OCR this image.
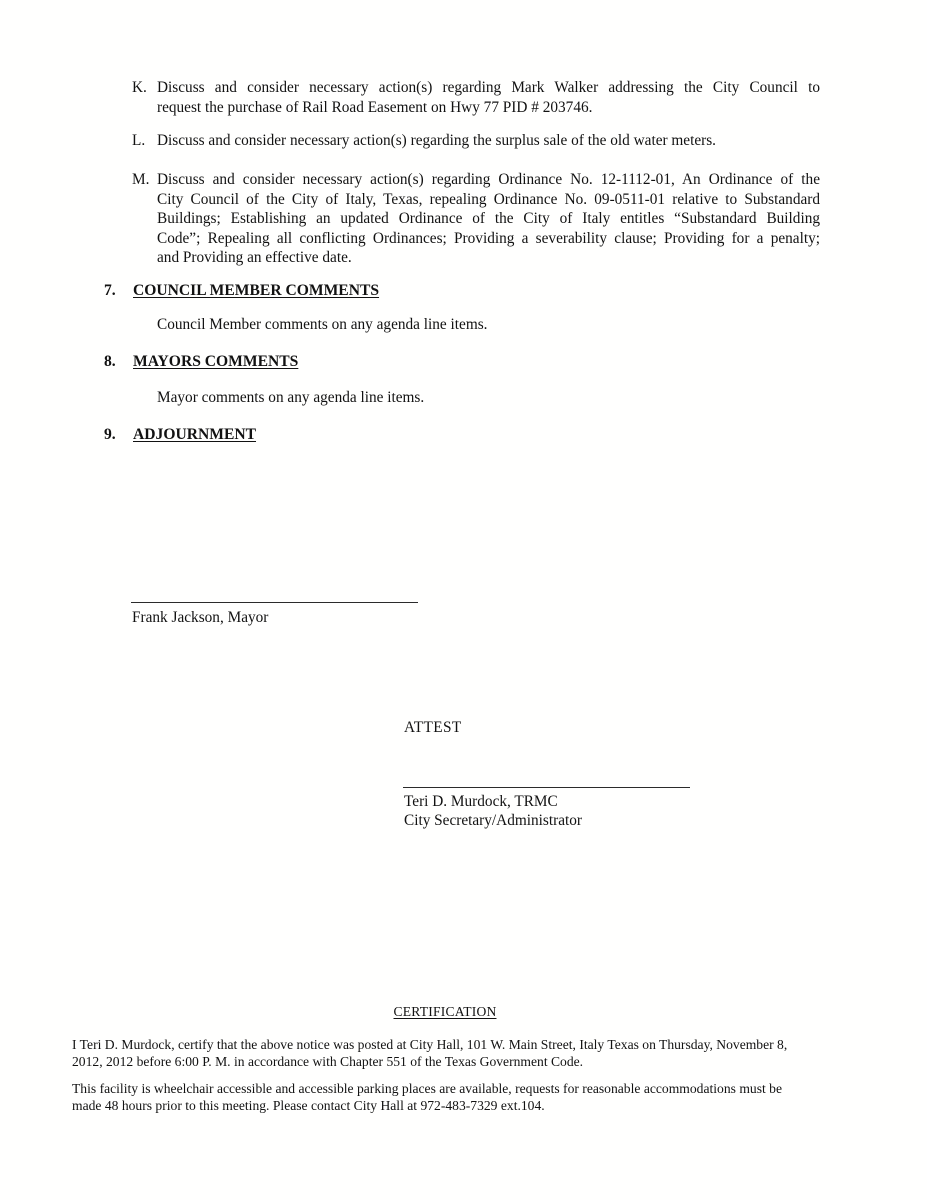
K. Discuss and consider necessary action(s) regarding Mark Walker addressing the City Council to
request the purchase of Rail Road Easement on Hwy 77 PID # 203746.
L. Discuss and consider necessary action(s) regarding the surplus sale of the old water meters.
M. Discuss and consider necessary action(s) regarding Ordinance No. 12-1112-01, An Ordinance of the
City Council of the City of Italy, Texas, repealing Ordinance No. 09-0511-01 relative to Substandard
Buildings; Establishing an updated Ordinance of the City of Italy entitles “Substandard Building
Code”; Repealing all conflicting Ordinances; Providing a severability clause; Providing for a penalty;
and Providing an effective date.
7. COUNCIL MEMBER COMMENTS
Council Member comments on any agenda line items.
8. MAYORS COMMENTS
Mayor comments on any agenda line items.
9. ADJOURNMENT
Frank Jackson, Mayor
ATTEST
Teri D. Murdock, TRMC
City Secretary/Administrator
CERTIFICATION
I Teri D. Murdock, certify that the above notice was posted at City Hall, 101 W. Main Street, Italy Texas on Thursday, November 8,
2012, 2012 before 6:00 P. M. in accordance with Chapter 551 of the Texas Government Code.
This facility is wheelchair accessible and accessible parking places are available, requests for reasonable accommodations must be
made 48 hours prior to this meeting. Please contact City Hall at 972-483-7329 ext.104.
